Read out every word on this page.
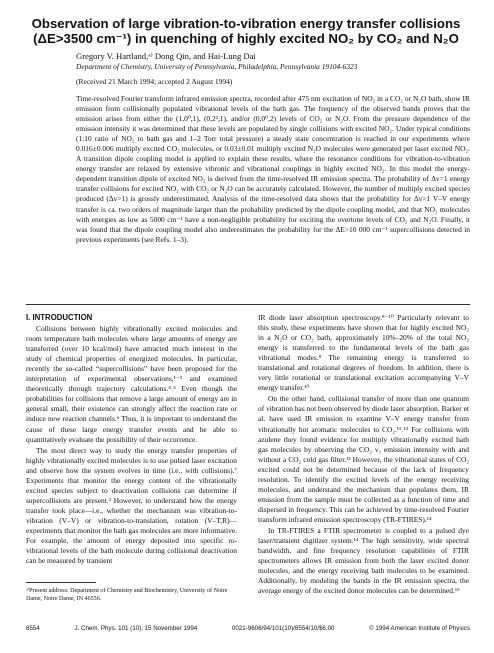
Observation of large vibration-to-vibration energy transfer collisions
(ΔE>3500 cm⁻¹) in quenching of highly excited NO₂ by CO₂ and N₂O
Gregory V. Hartland,ᵃ⁾ Dong Qin, and Hai-Lung Dai
Department of Chemistry, University of Pennsylvania, Philadelphia, Pennsylvania 19104-6323
(Received 21 March 1994; accepted 2 August 1994)

Time-resolved Fourier transform infrared emission spectra, recorded after 475 nm excitation of NO₂ in a CO₂ or N₂O bath, show IR emission from collisionally populated vibrational levels of the bath gas. The frequency of the observed bands proves that the emission arises from either the (1,0⁰,1), (0,2²,1), and/or (0,0⁰,2) levels of CO₂ or N₂O. From the pressure dependence of the emission intensity it was determined that these levels are populated by single collisions with excited NO₂. Under typical conditions (1:10 ratio of NO₂ to bath gas and 1–2 Torr total pressure) a steady state concentration is reached in our experiments where 0.016±0.006 multiply excited CO₂ molecules, or 0.03±0.01 multiply excited N₂O molecules were generated per laser excited NO₂. A transition dipole coupling model is applied to explain these results, where the resonance conditions for vibration-to-vibration energy transfer are relaxed by extensive vibronic and vibrational couplings in highly excited NO₂. In this model the energy-dependent transition dipole of excited NO₂ is derived from the time-resolved IR emission spectra. The probability of Δv=1 energy transfer collisions for excited NO₂ with CO₂ or N₂O can be accurately calculated. However, the number of multiply excited species produced (Δv>1) is grossly underestimated. Analysis of the time-resolved data shows that the probability for Δv>1 V–V energy transfer is ca. two orders of magnitude larger than the probability predicted by the dipole coupling model, and that NO₂ molecules with energies as low as 5000 cm⁻¹ have a non-negligible probability for exciting the overtone levels of CO₂ and N₂O. Finally, it was found that the dipole coupling model also underestimates the probability for the ΔE>10 000 cm⁻¹ supercollisions detected in previous experiments (see Refs. 1–3).

I. INTRODUCTION

Collisions between highly vibrationally excited molecules and room temperature bath molecules where large amounts of energy are transferred (over 10 kcal/mol) have attracted much interest in the study of chemical properties of energized molecules. In particular, recently the so-called “supercollisions” have been proposed for the interpretation of experimental observations,¹⁻³ and examined theoretically through trajectory calculations.⁴˒⁵ Even though the probabilities for collisions that remove a large amount of energy are in general small, their existence can strongly affect the reaction rate or induce new reaction channels.⁶ Thus, it is important to understand the cause of these large energy transfer events and be able to quantitatively evaluate the possibility of their occurrence.

The most direct way to study the energy transfer properties of highly vibrationally excited molecules is to use pulsed laser excitation and observe how the system evolves in time (i.e., with collisions).⁷ Experiments that monitor the energy content of the vibrationally excited species subject to deactivation collisions can determine if supercollisions are present.³ However, to understand how the energy transfer took place—i.e., whether the mechanism was vibration-to-vibration (V–V) or vibration-to-translation, rotation (V–T,R)—experiments that monitor the bath gas molecules are more informative. For example, the amount of energy deposited into specific ro-vibrational levels of the bath molecule during collisional deactivation can be measured by transient

IR diode laser absorption spectroscopy.⁸⁻¹⁰ Particularly relevant to this study, these experiments have shown that for highly excited NO₂ in a N₂O or CO₂ bath, approximately 10%–20% of the total NO₂ energy is transferred to the fundamental levels of the bath gas vibrational modes.⁸ The remaining energy is transferred to translational and rotational degrees of freedom. In addition, there is very little rotational or translational excitation accompanying V–V energy transfer.¹⁰

On the other hand, collisional transfer of more than one quantum of vibration has not been observed by diode laser absorption. Barker et al. have used IR emission to examine V–V energy transfer from vibrationally hot aromatic molecules to CO₂.¹¹˒¹² For collisions with azulene they found evidence for multiply vibrationally excited bath gas molecules by observing the CO₂ ν₃ emission intensity with and without a CO₂ cold gas filter.¹³ However, the vibrational states of CO₂ excited could not be determined because of the lack of frequency resolution. To identify the excited levels of the energy receiving molecules, and understand the mechanism that populates them, IR emission from the sample must be collected as a function of time and dispersed in frequency. This can be achieved by time-resolved Fourier transform infrared emission spectroscopy (TR-FTIRES).¹⁴

In TR-FTIRES a FTIR spectrometer is coupled to a pulsed dye laser/transient digitizer system.¹⁴ The high sensitivity, wide spectral bandwidth, and fine frequency resolution capabilities of FTIR spectrometers allows IR emission from both the laser excited donor molecules, and the energy receiving bath molecules to be examined. Additionally, by modeling the bands in the IR emission spectra, the average energy of the excited donor molecules can be determined.¹⁵

ᵃ⁾Present address: Department of Chemistry and Biochemistry, University of Notre Dame, Notre Dame, IN 46556.
8554	J. Chem. Phys. 101 (10), 15 November 1994	0021-9606/94/101(10)/8554/10/$6.00	© 1994 American Institute of Physics
